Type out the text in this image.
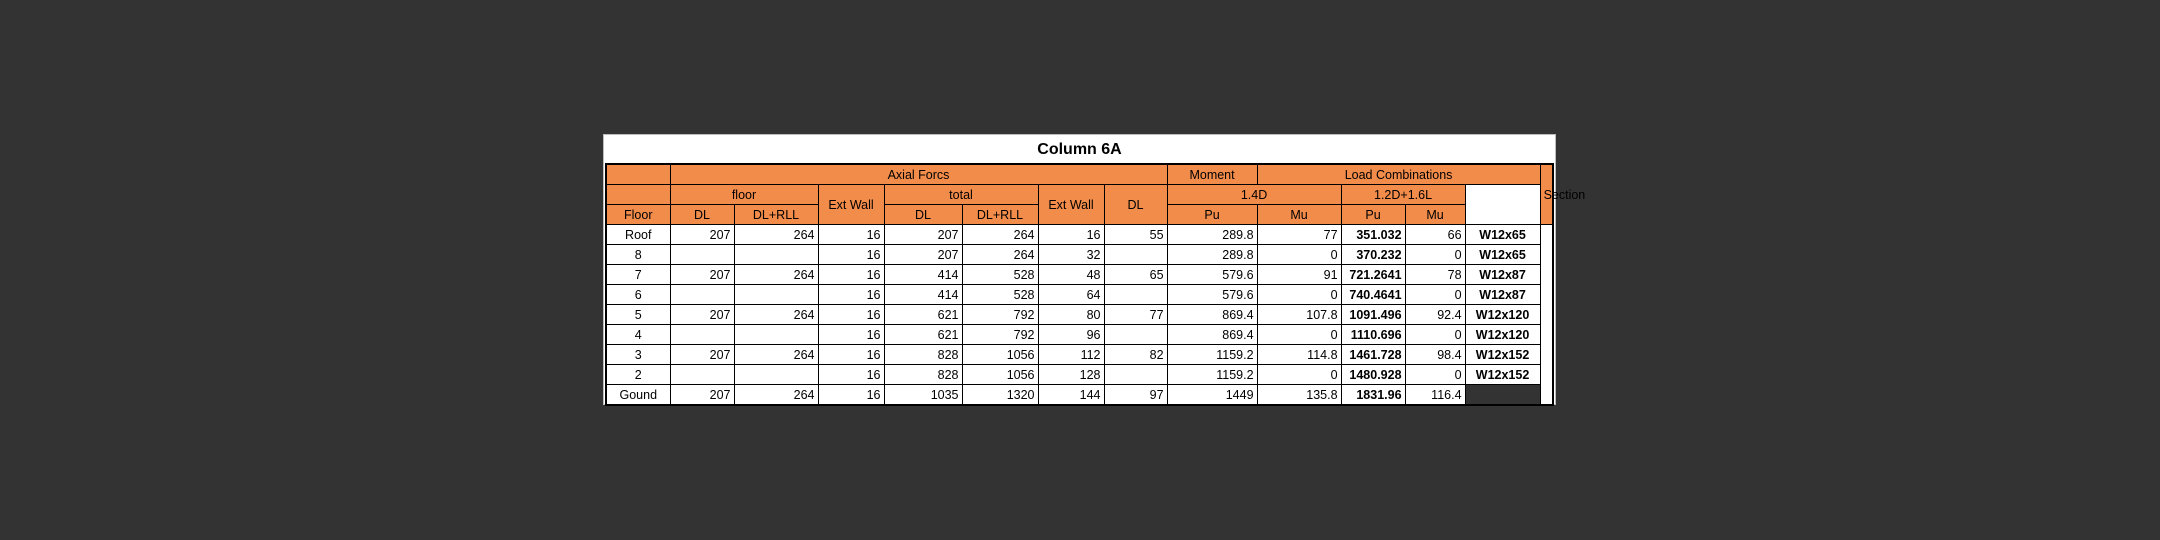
Column 6A
	Axial Forcs							Moment	Load Combinations				Section
	floor		Ext Wall	total		Ext Wall	DL	1.4D		1.2D+1.6L			
Floor	DL	DL+RLL		DL	DL+RLL			Pu	Mu	Pu	Mu		
Roof	207	264	16	207	264	16	55	289.8	77	351.032	66	W12x65	
8			16	207	264	32		289.8	0	370.232	0	W12x65	
7	207	264	16	414	528	48	65	579.6	91	721.2641	78	W12x87	
6			16	414	528	64		579.6	0	740.4641	0	W12x87	
5	207	264	16	621	792	80	77	869.4	107.8	1091.496	92.4	W12x120	
4			16	621	792	96		869.4	0	1110.696	0	W12x120	
3	207	264	16	828	1056	112	82	1159.2	114.8	1461.728	98.4	W12x152	
2			16	828	1056	128		1159.2	0	1480.928	0	W12x152	
Gound	207	264	16	1035	1320	144	97	1449	135.8	1831.96	116.4		
